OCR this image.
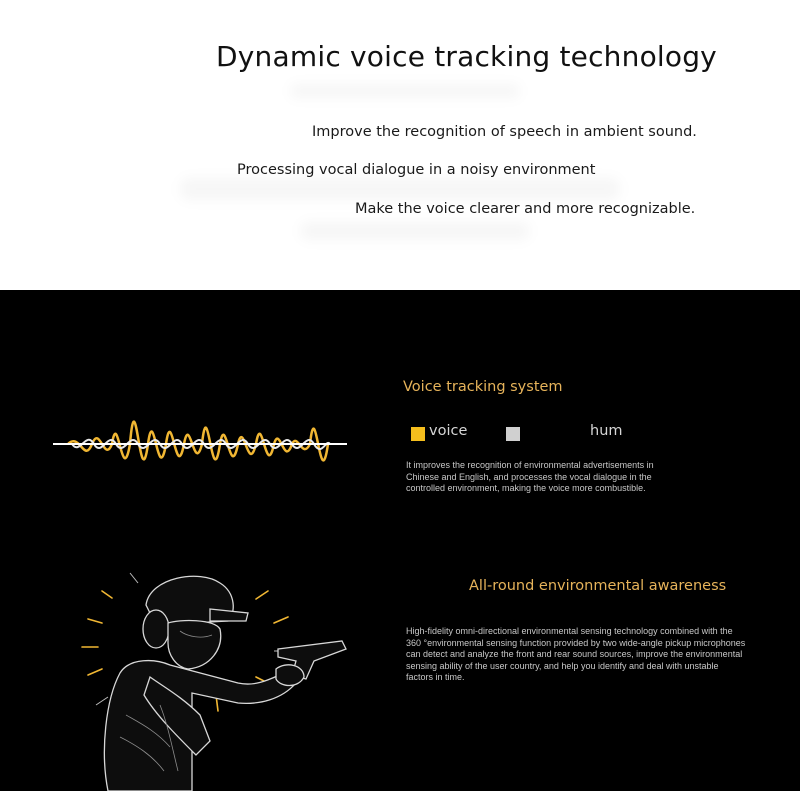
Dynamic voice tracking technology
Improve the recognition of speech in ambient sound.
Processing vocal dialogue in a noisy environment
Make the voice clearer and more recognizable.
Voice tracking system
voice	hum
It improves the recognition of environmental advertisements in Chinese and English, and processes the vocal dialogue in the controlled environment, making the voice more combustible.
All-round environmental awareness
High-fidelity omni-directional environmental sensing technology combined with the 360 °environmental sensing function provided by two wide-angle pickup microphones can detect and analyze the front and rear sound sources, improve the environmental sensing ability of the user country, and help you identify and deal with unstable factors in time.
